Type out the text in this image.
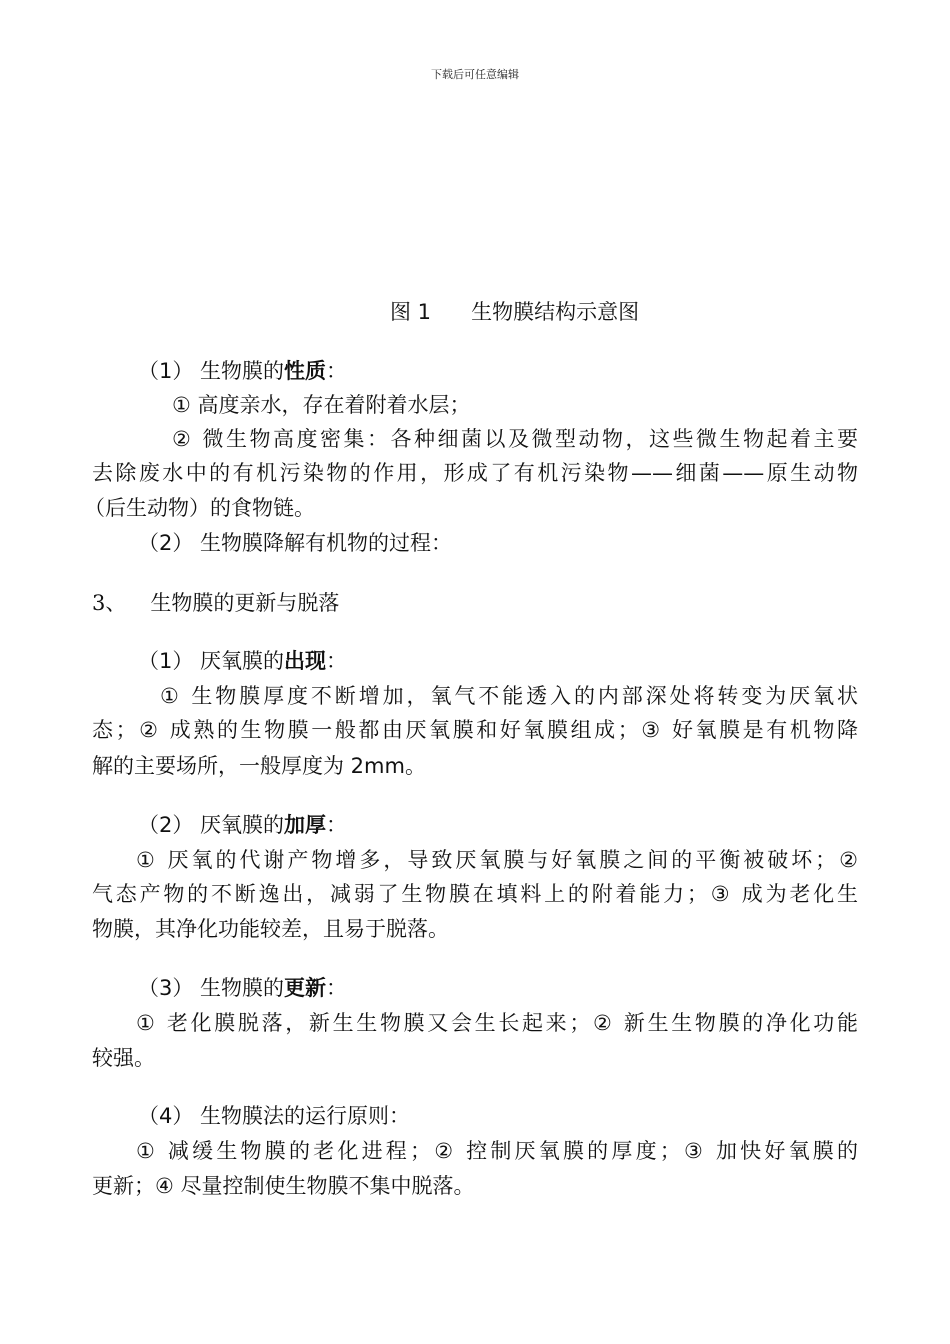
下载后可任意编辑
图 1      生物膜结构示意图
（1） 生物膜的性质：
① 高度亲水，存在着附着水层；
② 微生物高度密集：各种细菌以及微型动物，这些微生物起着主要
去除废水中的有机污染物的作用，形成了有机污染物——细菌——原生动物
（后生动物）的食物链。
（2） 生物膜降解有机物的过程：
3、 生物膜的更新与脱落
（1） 厌氧膜的出现：
① 生物膜厚度不断增加，氧气不能透入的内部深处将转变为厌氧状
态；② 成熟的生物膜一般都由厌氧膜和好氧膜组成；③ 好氧膜是有机物降
解的主要场所，一般厚度为 2mm。
（2） 厌氧膜的加厚：
① 厌氧的代谢产物增多，导致厌氧膜与好氧膜之间的平衡被破坏；②
气态产物的不断逸出，减弱了生物膜在填料上的附着能力；③ 成为老化生
物膜，其净化功能较差，且易于脱落。
（3） 生物膜的更新：
① 老化膜脱落，新生生物膜又会生长起来；② 新生生物膜的净化功能
较强。
（4） 生物膜法的运行原则：
① 减缓生物膜的老化进程；② 控制厌氧膜的厚度；③ 加快好氧膜的
更新；④ 尽量控制使生物膜不集中脱落。
